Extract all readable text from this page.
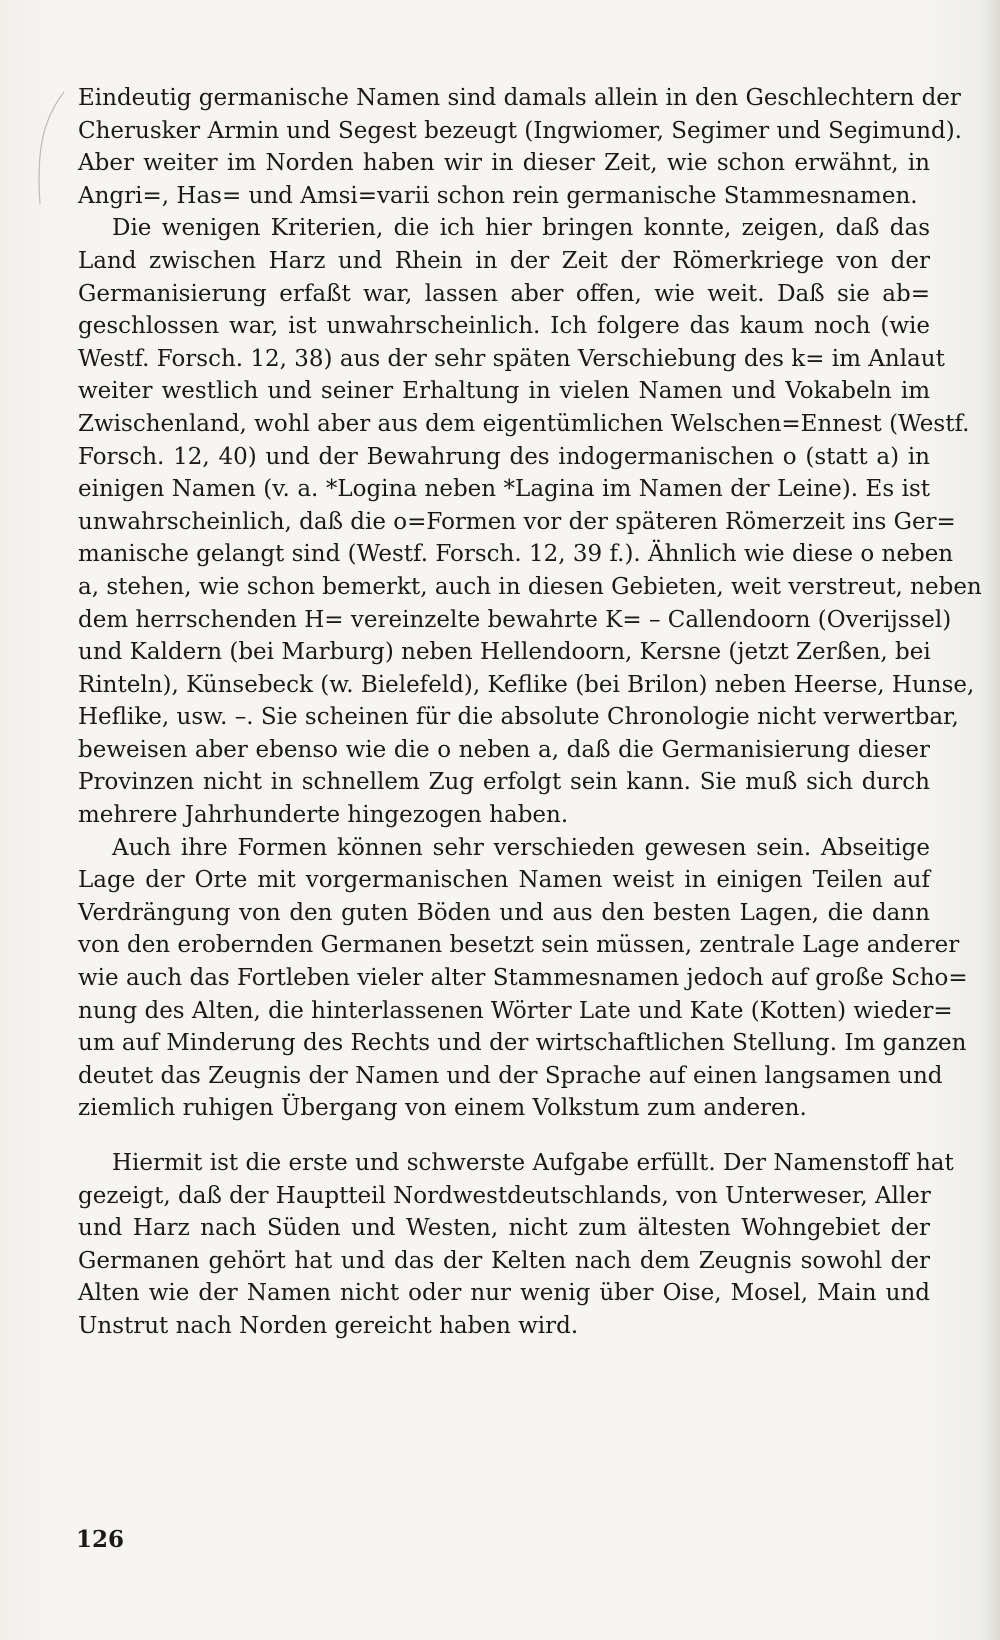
Eindeutig germanische Namen sind damals allein in den Geschlechtern der
Cherusker Armin und Segest bezeugt (Ingwiomer, Segimer und Segimund).
Aber weiter im Norden haben wir in dieser Zeit, wie schon erwähnt, in
Angri=, Has= und Amsi=varii schon rein germanische Stammesnamen.
Die wenigen Kriterien, die ich hier bringen konnte, zeigen, daß das
Land zwischen Harz und Rhein in der Zeit der Römerkriege von der
Germanisierung erfaßt war, lassen aber offen, wie weit. Daß sie ab=
geschlossen war, ist unwahrscheinlich. Ich folgere das kaum noch (wie
Westf. Forsch. 12, 38) aus der sehr späten Verschiebung des k= im Anlaut
weiter westlich und seiner Erhaltung in vielen Namen und Vokabeln im
Zwischenland, wohl aber aus dem eigentümlichen Welschen=Ennest (Westf.
Forsch. 12, 40) und der Bewahrung des indogermanischen o (statt a) in
einigen Namen (v. a. *Logina neben *Lagina im Namen der Leine). Es ist
unwahrscheinlich, daß die o=Formen vor der späteren Römerzeit ins Ger=
manische gelangt sind (Westf. Forsch. 12, 39 f.). Ähnlich wie diese o neben
a, stehen, wie schon bemerkt, auch in diesen Gebieten, weit verstreut, neben
dem herrschenden H= vereinzelte bewahrte K= – Callendoorn (Overijssel)
und Kaldern (bei Marburg) neben Hellendoorn, Kersne (jetzt Zerßen, bei
Rinteln), Künsebeck (w. Bielefeld), Keflike (bei Brilon) neben Heerse, Hunse,
Heflike, usw. –. Sie scheinen für die absolute Chronologie nicht verwertbar,
beweisen aber ebenso wie die o neben a, daß die Germanisierung dieser
Provinzen nicht in schnellem Zug erfolgt sein kann. Sie muß sich durch
mehrere Jahrhunderte hingezogen haben.
Auch ihre Formen können sehr verschieden gewesen sein. Abseitige
Lage der Orte mit vorgermanischen Namen weist in einigen Teilen auf
Verdrängung von den guten Böden und aus den besten Lagen, die dann
von den erobernden Germanen besetzt sein müssen, zentrale Lage anderer
wie auch das Fortleben vieler alter Stammesnamen jedoch auf große Scho=
nung des Alten, die hinterlassenen Wörter Late und Kate (Kotten) wieder=
um auf Minderung des Rechts und der wirtschaftlichen Stellung. Im ganzen
deutet das Zeugnis der Namen und der Sprache auf einen langsamen und
ziemlich ruhigen Übergang von einem Volkstum zum anderen.
Hiermit ist die erste und schwerste Aufgabe erfüllt. Der Namenstoff hat
gezeigt, daß der Hauptteil Nordwestdeutschlands, von Unterweser, Aller
und Harz nach Süden und Westen, nicht zum ältesten Wohngebiet der
Germanen gehört hat und das der Kelten nach dem Zeugnis sowohl der
Alten wie der Namen nicht oder nur wenig über Oise, Mosel, Main und
Unstrut nach Norden gereicht haben wird.
126
